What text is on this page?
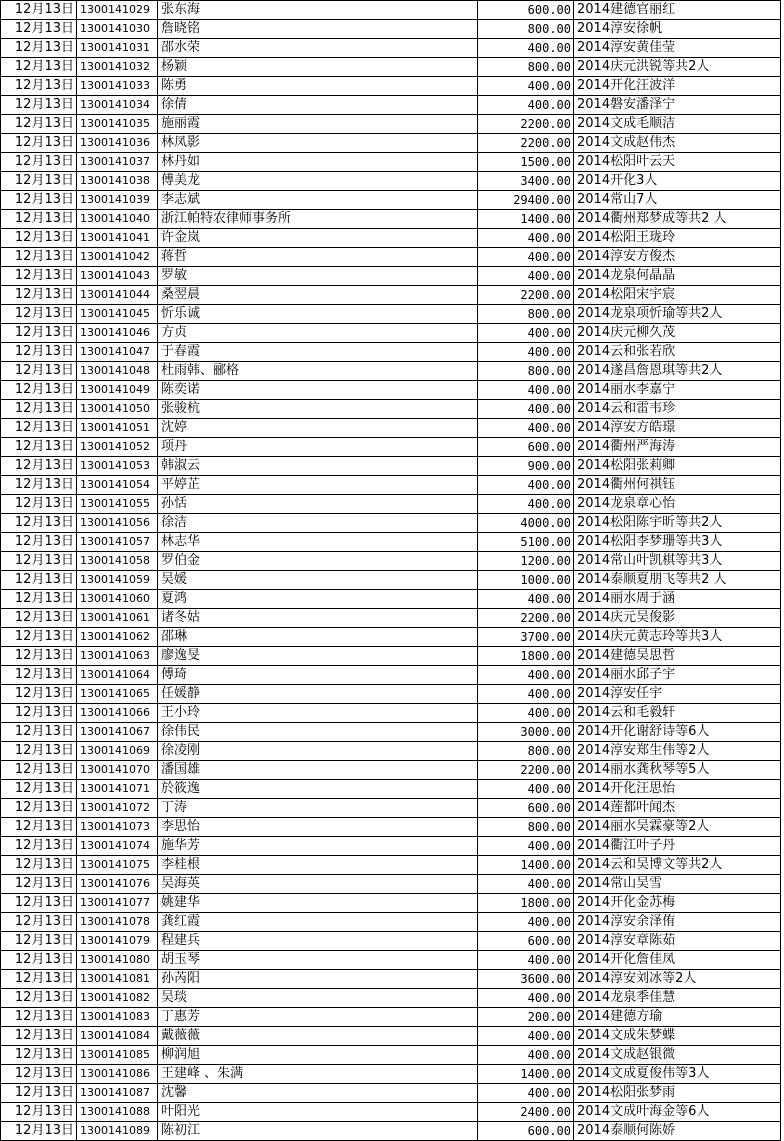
12月13日	1300141029	张东海	600.00	2014建德官丽红
12月13日	1300141030	詹晓铭	800.00	2014淳安徐帆
12月13日	1300141031	邵水荣	400.00	2014淳安黄佳莹
12月13日	1300141032	杨颖	800.00	2014庆元洪锐等共2人
12月13日	1300141033	陈勇	400.00	2014开化汪波洋
12月13日	1300141034	徐倩	400.00	2014磐安潘泽宁
12月13日	1300141035	施丽霞	2200.00	2014文成毛顺洁
12月13日	1300141036	林凤影	2200.00	2014文成赵伟杰
12月13日	1300141037	林丹如	1500.00	2014松阳叶云天
12月13日	1300141038	傅美龙	3400.00	2014开化3人
12月13日	1300141039	李志斌	29400.00	2014常山7人
12月13日	1300141040	浙江帕特农律师事务所	1400.00	2014衢州郑梦成等共2 人
12月13日	1300141041	许金岚	400.00	2014松阳王珑玲
12月13日	1300141042	蒋哲	400.00	2014淳安方俊杰
12月13日	1300141043	罗敏	400.00	2014龙泉何晶晶
12月13日	1300141044	桑翌晨	2200.00	2014松阳宋宇宸
12月13日	1300141045	忻乐诚	800.00	2014龙泉项忻瑜等共2人
12月13日	1300141046	方贞	400.00	2014庆元柳久茂
12月13日	1300141047	于春霞	400.00	2014云和张若欣
12月13日	1300141048	杜雨韩、郦格	800.00	2014遂昌詹恩琪等共2人
12月13日	1300141049	陈奕诺	400.00	2014丽水李嘉宁
12月13日	1300141050	张骏杭	400.00	2014云和雷韦珍
12月13日	1300141051	沈婷	400.00	2014淳安方皓璟
12月13日	1300141052	项丹	600.00	2014衢州严海涛
12月13日	1300141053	韩淑云	900.00	2014松阳张莉卿
12月13日	1300141054	平婷芷	400.00	2014衢州何祺钰
12月13日	1300141055	孙恬	400.00	2014龙泉章心怡
12月13日	1300141056	徐洁	4000.00	2014松阳陈宇昕等共2人
12月13日	1300141057	林志华	5100.00	2014松阳李梦珊等共3人
12月13日	1300141058	罗伯金	1200.00	2014常山叶凯棋等共3人
12月13日	1300141059	吴媛	1000.00	2014泰顺夏朋飞等共2 人
12月13日	1300141060	夏鸿	400.00	2014丽水周于涵
12月13日	1300141061	诸冬姑	2200.00	2014庆元吴俊影
12月13日	1300141062	邵琳	3700.00	2014庆元黄志玲等共3人
12月13日	1300141063	廖逸旻	1800.00	2014建德吴思哲
12月13日	1300141064	傅琦	400.00	2014丽水邱子宇
12月13日	1300141065	任媛静	400.00	2014淳安任宇
12月13日	1300141066	王小玲	400.00	2014云和毛毅轩
12月13日	1300141067	徐伟民	3000.00	2014开化谢舒诗等6人
12月13日	1300141069	徐凌刚	800.00	2014淳安郑生伟等2人
12月13日	1300141070	潘国雄	2200.00	2014丽水龚秋琴等5人
12月13日	1300141071	於筱逸	400.00	2014开化汪思怡
12月13日	1300141072	丁涛	600.00	2014莲都叶闻杰
12月13日	1300141073	李思怡	800.00	2014丽水吴霖豪等2人
12月13日	1300141074	施华芳	400.00	2014衢江叶子丹
12月13日	1300141075	李桂根	1400.00	2014云和吴博文等共2人
12月13日	1300141076	吴海英	400.00	2014常山吴雪
12月13日	1300141077	姚建华	1800.00	2014开化金苏梅
12月13日	1300141078	龚红霞	400.00	2014淳安余泽侑
12月13日	1300141079	程建兵	600.00	2014淳安章陈茹
12月13日	1300141080	胡玉琴	400.00	2014开化詹佳凤
12月13日	1300141081	孙芮阳	3600.00	2014淳安刘冰等2人
12月13日	1300141082	吴琰	400.00	2014龙泉季佳慧
12月13日	1300141083	丁惠芳	200.00	2014建德方瑜
12月13日	1300141084	戴薇薇	400.00	2014文成朱梦蝶
12月13日	1300141085	柳润旭	400.00	2014文成赵银微
12月13日	1300141086	王建峰 、朱满	1400.00	2014文成夏俊伟等3人
12月13日	1300141087	沈馨	400.00	2014松阳张梦雨
12月13日	1300141088	叶阳光	2400.00	2014文成叶海金等6人
12月13日	1300141089	陈初江	600.00	2014泰顺何陈娇
